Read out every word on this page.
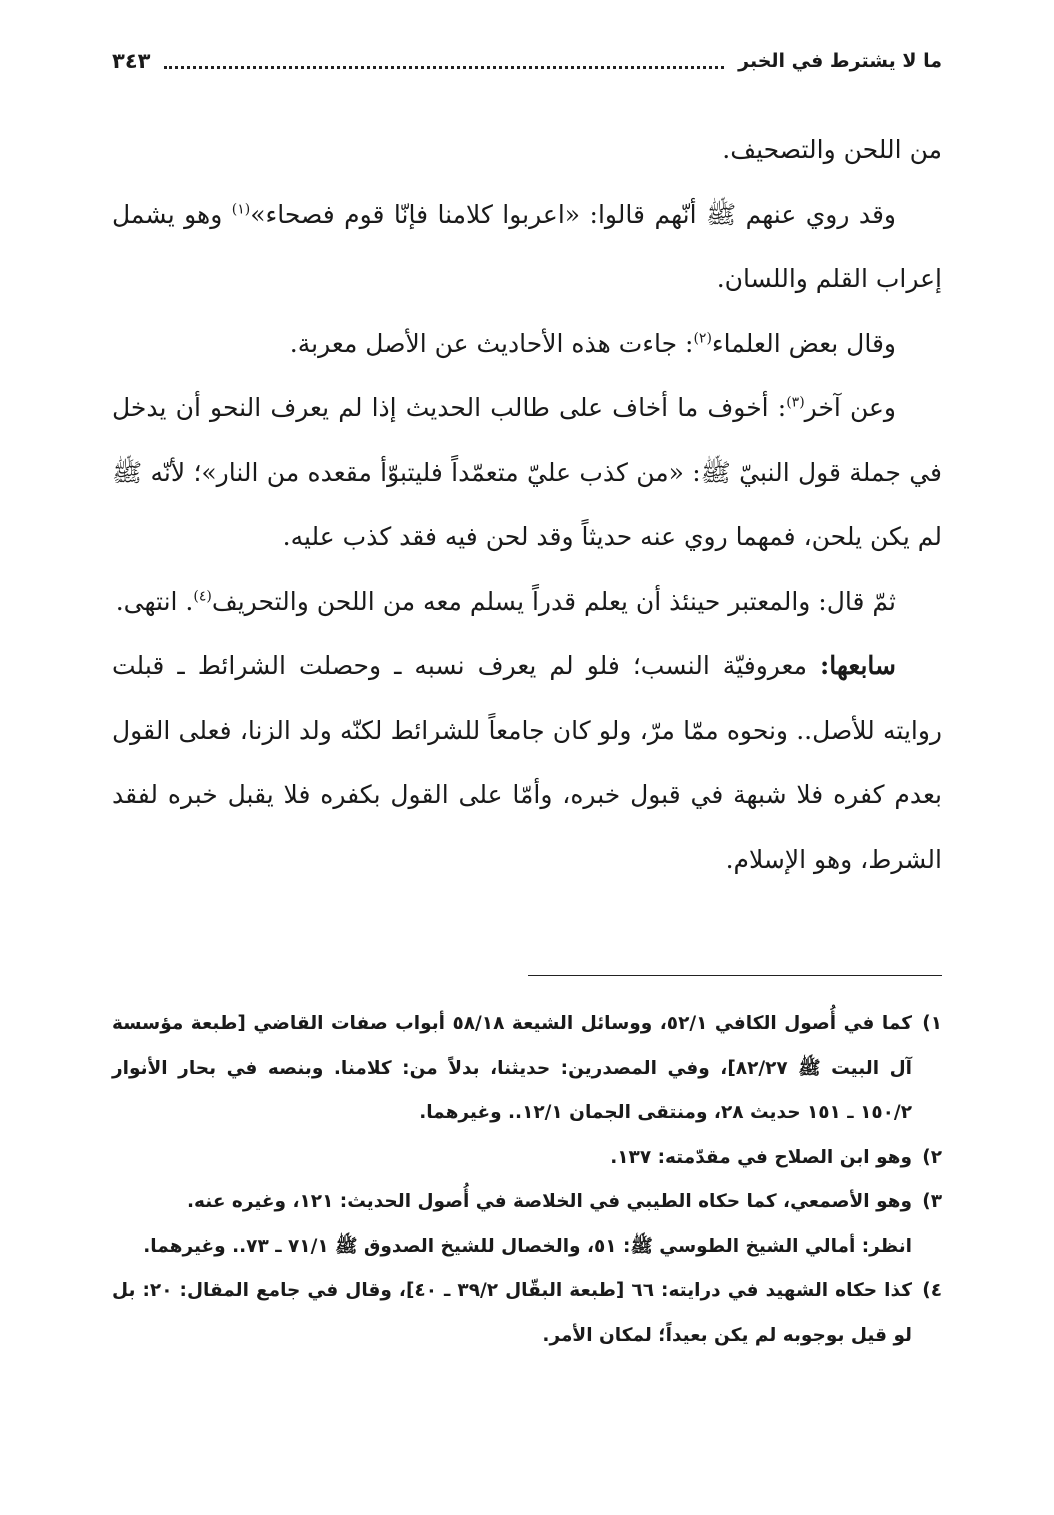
ما لا يشترط في الخبر
٣٤٣

من اللحن والتصحيف.

وقد روي عنهم ﷺ أنّهم قالوا: «اعربوا كلامنا فإنّا قوم فصحاء»$^{(١)}$ وهو يشمل إعراب القلم واللسان.

وقال بعض العلماء$^{(٢)}$: جاءت هذه الأحاديث عن الأصل معربة.

وعن آخر$^{(٣)}$: أخوف ما أخاف على طالب الحديث إذا لم يعرف النحو أن يدخل في جملة قول النبيّ ﷺ: «من كذب عليّ متعمّداً فليتبوّأ مقعده من النار»؛ لأنّه ﷺ لم يكن يلحن، فمهما روي عنه حديثاً وقد لحن فيه فقد كذب عليه.

ثمّ قال: والمعتبر حينئذ أن يعلم قدراً يسلم معه من اللحن والتحريف$^{(٤)}$. انتهى.

سابعها: معروفيّة النسب؛ فلو لم يعرف نسبه ـ وحصلت الشرائط ـ قبلت روايته للأصل.. ونحوه ممّا مرّ، ولو كان جامعاً للشرائط لكنّه ولد الزنا، فعلى القول بعدم كفره فلا شبهة في قبول خبره، وأمّا على القول بكفره فلا يقبل خبره لفقد الشرط، وهو الإسلام.

١)
كما في أُصول الكافي ٥٢/١، ووسائل الشيعة ٥٨/١٨ أبواب صفات القاضي [طبعة مؤسسة آل البيت ﷺ ٨٢/٢٧]، وفي المصدرين: حديثنا، بدلاً من: كلامنا. وبنصه في بحار الأنوار ١٥٠/٢ ـ ١٥١ حديث ٢٨، ومنتقى الجمان ١٢/١.. وغيرهما.
٢)
وهو ابن الصلاح في مقدّمته: ١٣٧.
٣)
وهو الأصمعي، كما حكاه الطيبي في الخلاصة في أُصول الحديث: ١٢١، وغيره عنه.
انظر: أمالي الشيخ الطوسي ﷺ: ٥١، والخصال للشيخ الصدوق ﷺ ٧١/١ ـ ٧٣.. وغيرهما.
٤)
كذا حكاه الشهيد في درايته: ٦٦ [طبعة البقّال ٣٩/٢ ـ ٤٠]، وقال في جامع المقال: ٢٠: بل لو قيل بوجوبه لم يكن بعيداً؛ لمكان الأمر.
